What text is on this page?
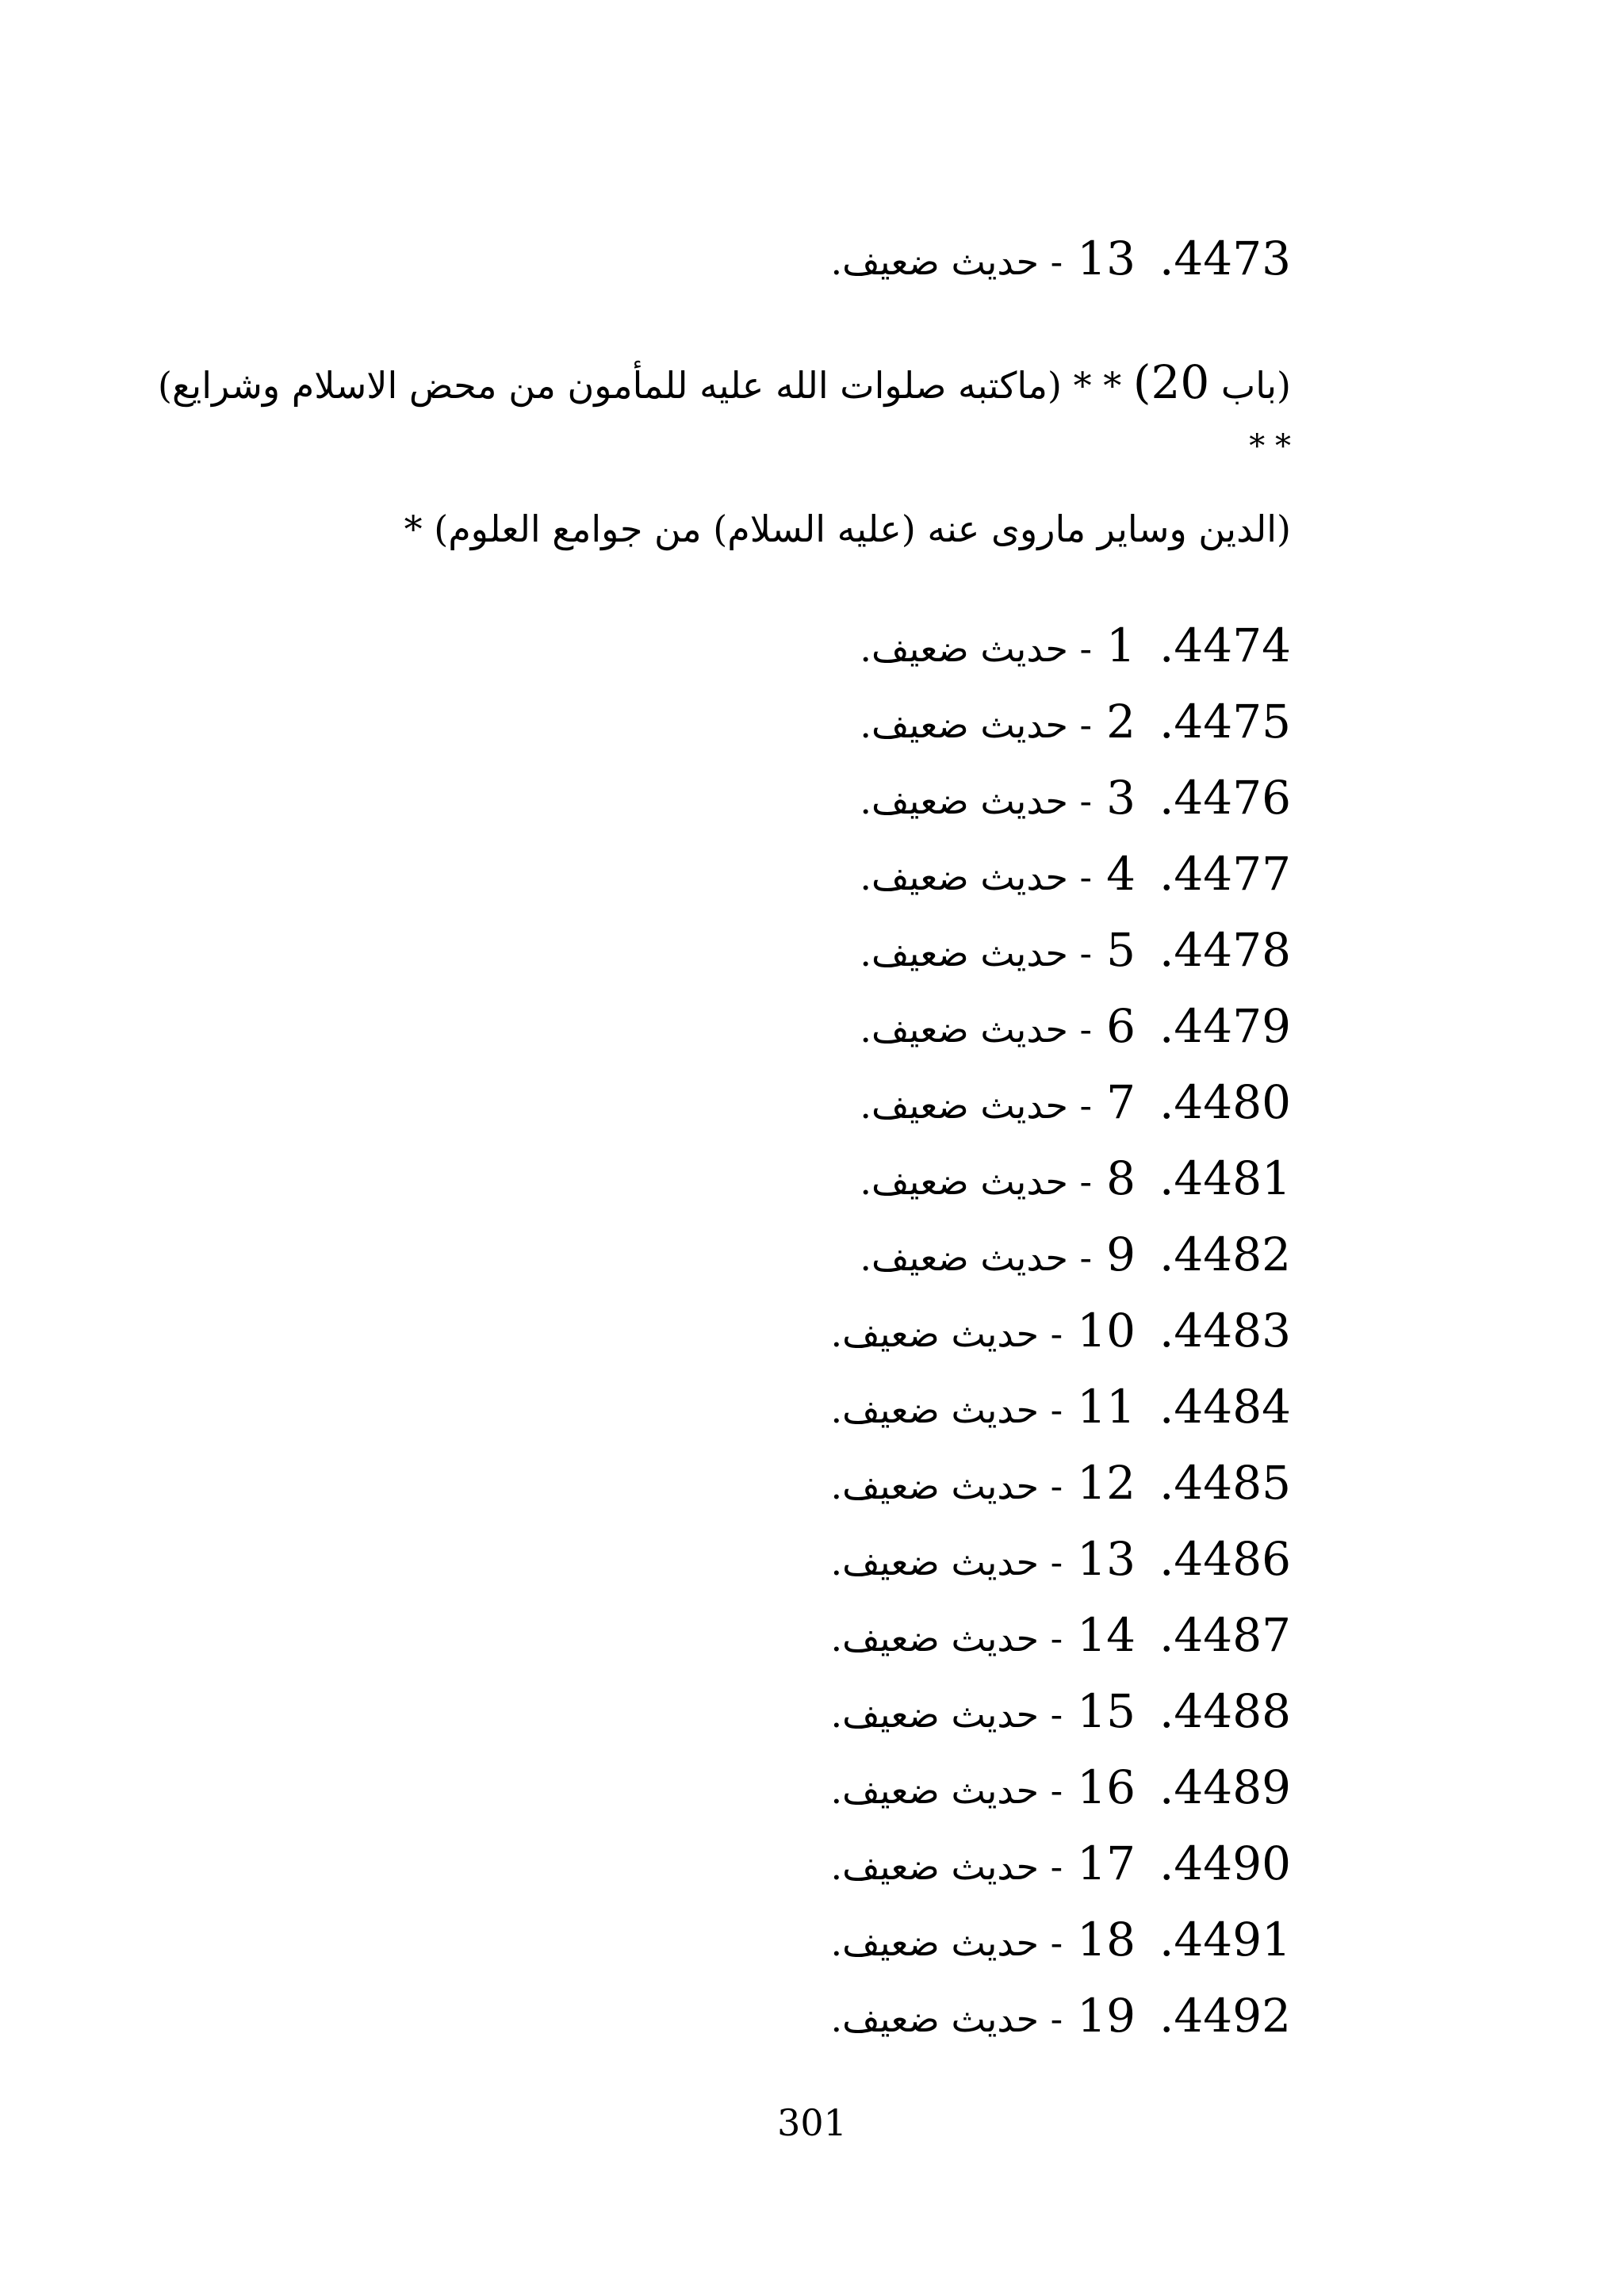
- حديث ضعيف. 13 4473.
(باب 20) * * (ماكتبه صلوات الله عليه للمأمون من محض الاسلام وشرايع)
* *
(الدين وساير ماروى عنه (عليه السلام) من جوامع العلوم) *
- حديث ضعيف. 1 4474.
- حديث ضعيف. 2 4475.
- حديث ضعيف. 3 4476.
- حديث ضعيف. 4 4477.
- حديث ضعيف. 5 4478.
- حديث ضعيف. 6 4479.
- حديث ضعيف. 7 4480.
- حديث ضعيف. 8 4481.
- حديث ضعيف. 9 4482.
- حديث ضعيف. 10 4483.
- حديث ضعيف. 11 4484.
- حديث ضعيف. 12 4485.
- حديث ضعيف. 13 4486.
- حديث ضعيف. 14 4487.
- حديث ضعيف. 15 4488.
- حديث ضعيف. 16 4489.
- حديث ضعيف. 17 4490.
- حديث ضعيف. 18 4491.
- حديث ضعيف. 19 4492.
301
